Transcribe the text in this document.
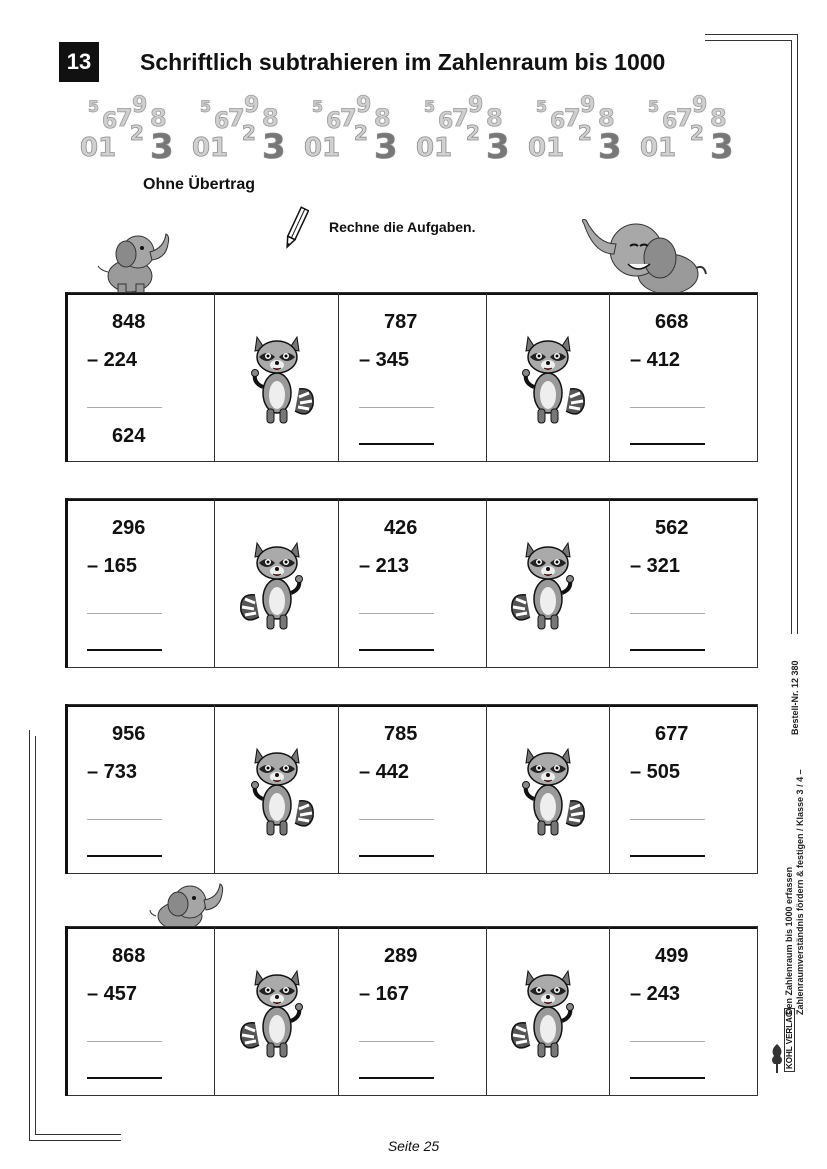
13	Schriftlich subtrahieren im Zahlenraum bis 1000
5
6
7 9 8
0 1 2 3
5
6
7 9 8
0 1 2 3
5
6
7 9 8
0 1 2 3
5
6
7 9 8
0 1 2 3
5
6
7 9 8
0 1 2 3
5
6
7 9 8
0 1 2 3
Ohne Übertrag
Rechne die Aufgaben.
848
– 224
624
787
– 345
668
– 412
296
– 165
426
– 213
562
– 321
956
– 733
785
– 442
677
– 505
868
– 457
289
– 167
499
– 243
Bestell-Nr. 12 380
Den Zahlenraum bis 1000 erfassen Zahlenraumverständnis fördern & festigen / Klasse 3 / 4 –
KOHL VERLAG
Seite 25
